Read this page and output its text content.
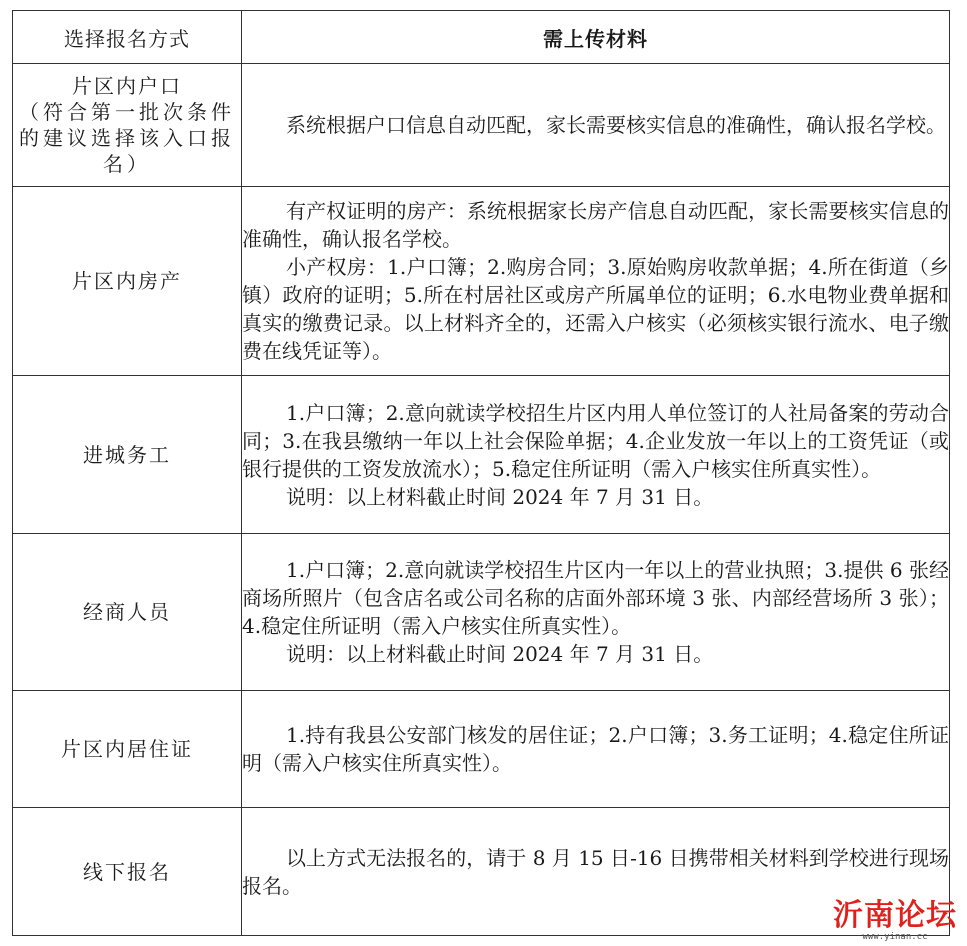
选择报名方式	需上传材料

片区内户口
（符合第一批次条件的建议选择该入口报名）	系统根据户口信息自动匹配，家长需要核实信息的准确性，确认报名学校。

片区内房产	有产权证明的房产：系统根据家长房产信息自动匹配，家长需要核实信息的准确性，确认报名学校。

小产权房：1.户口簿；2.购房合同；3.原始购房收款单据；4.所在街道（乡镇）政府的证明；5.所在村居社区或房产所属单位的证明；6.水电物业费单据和真实的缴费记录。以上材料齐全的，还需入户核实（必须核实银行流水、电子缴费在线凭证等）。

进城务工	1.户口簿；2.意向就读学校招生片区内用人单位签订的人社局备案的劳动合同；3.在我县缴纳一年以上社会保险单据；4.企业发放一年以上的工资凭证（或银行提供的工资发放流水）；5.稳定住所证明（需入户核实住所真实性）。

说明：以上材料截止时间 2024 年 7 月 31 日。

经商人员	1.户口簿；2.意向就读学校招生片区内一年以上的营业执照；3.提供 6 张经商场所照片（包含店名或公司名称的店面外部环境 3 张、内部经营场所 3 张）；4.稳定住所证明（需入户核实住所真实性）。

说明：以上材料截止时间 2024 年 7 月 31 日。

片区内居住证	1.持有我县公安部门核发的居住证；2.户口簿；3.务工证明；4.稳定住所证明（需入户核实住所真实性）。

线下报名	以上方式无法报名的，请于 8 月 15 日-16 日携带相关材料到学校进行现场报名。

沂南论坛
www.yinan.cc
